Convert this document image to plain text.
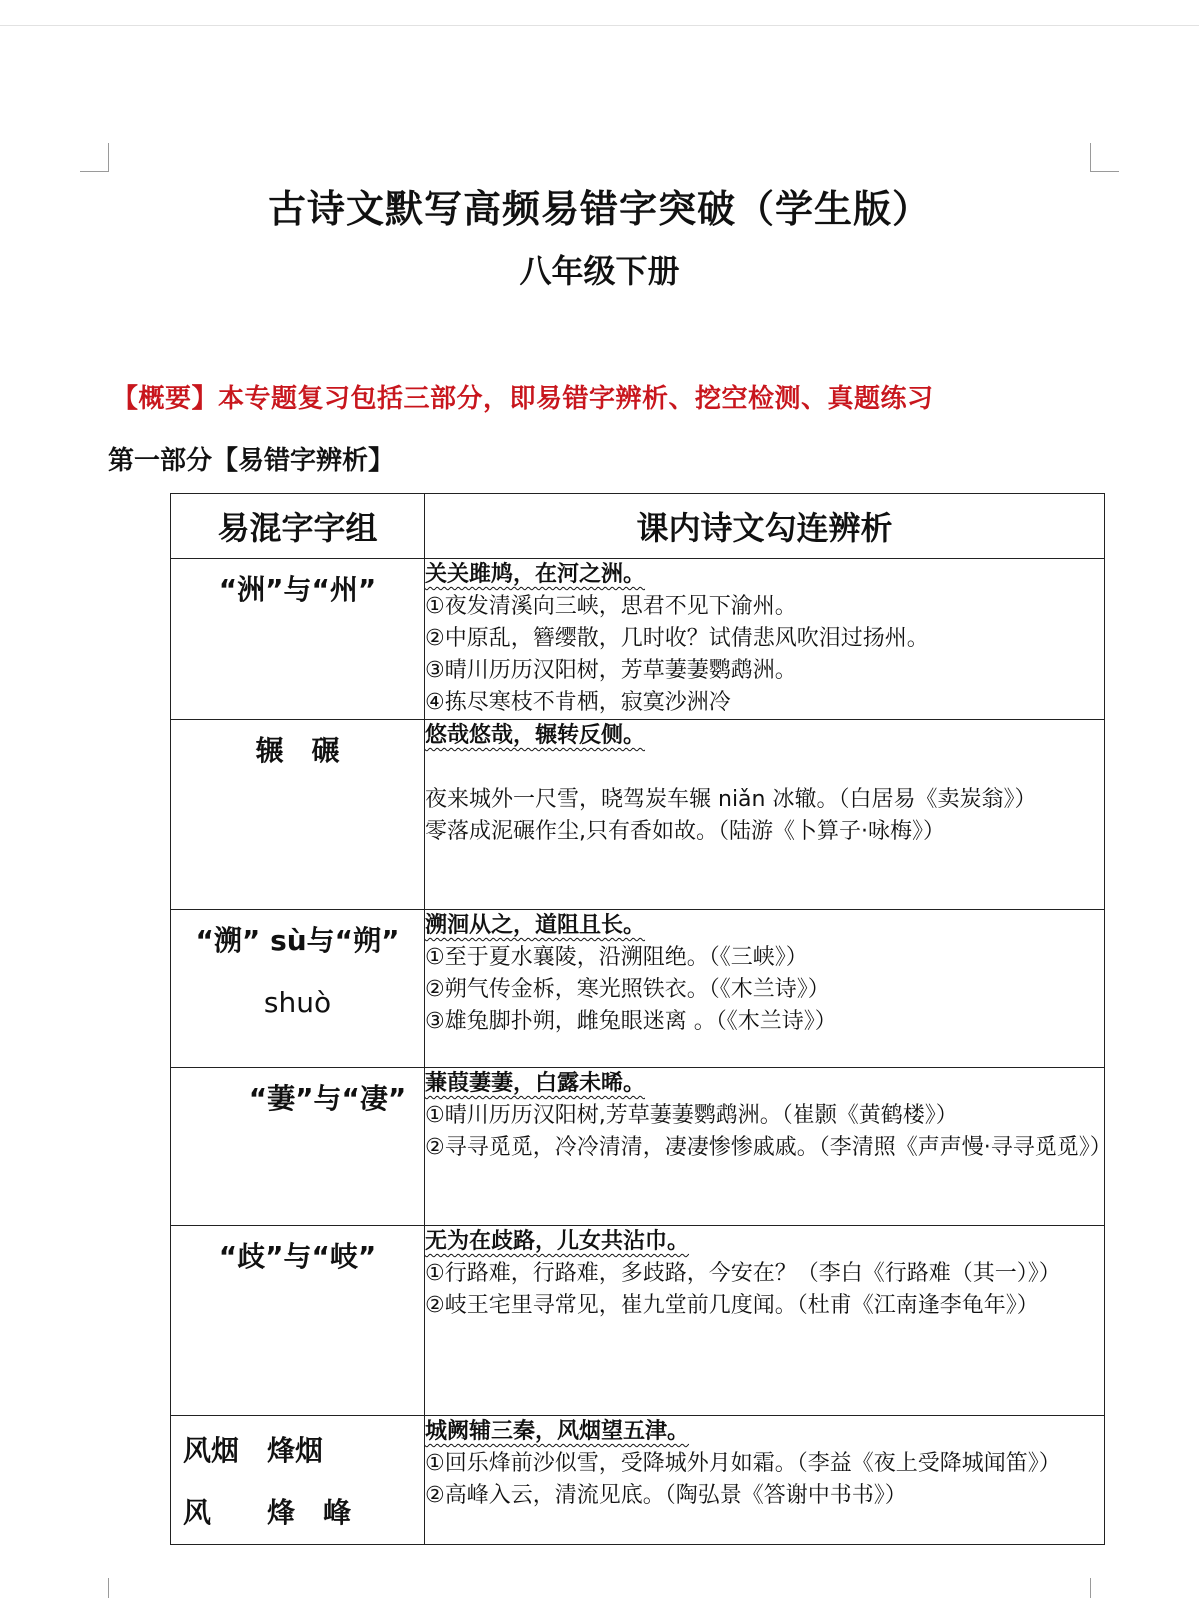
古诗文默写高频易错字突破（学生版）
八年级下册
【概要】本专题复习包括三部分，即易错字辨析、挖空检测、真题练习
第一部分【易错字辨析】
易混字字组	课内诗文勾连辨析
“洲”与“州”	关关雎鸠，在河之洲。
①夜发清溪向三峡，思君不见下渝州。
②中原乱，簪缨散，几时收？试倩悲风吹泪过扬州。
③晴川历历汉阳树，芳草萋萋鹦鹉洲。
④拣尽寒枝不肯栖，寂寞沙洲冷

辗　碾	悠哉悠哉，辗转反侧。
夜来城外一尺雪，晓驾炭车辗 niǎn 冰辙。（白居易《卖炭翁》）
零落成泥碾作尘,只有香如故。（陆游《卜算子·咏梅》）

“溯” sù与“朔”
shuò	溯洄从之，道阻且长。
①至于夏水襄陵，沿溯阻绝。（《三峡》）
②朔气传金柝，寒光照铁衣。（《木兰诗》）
③雄兔脚扑朔，雌兔眼迷离 。（《木兰诗》）

“萋”与“凄”	蒹葭萋萋，白露未晞。
①晴川历历汉阳树,芳草萋萋鹦鹉洲。（崔颢《黄鹤楼》）
②寻寻觅觅，冷冷清清，凄凄惨惨戚戚。（李清照《声声慢·寻寻觅觅》）

“歧”与“岐”	无为在歧路，儿女共沾巾。
①行路难，行路难，多歧路，今安在？（李白《行路难（其一）》）
②岐王宅里寻常见，崔九堂前几度闻。（杜甫《江南逢李龟年》）

风烟　烽烟
风　　烽　峰	城阙辅三秦，风烟望五津。
①回乐烽前沙似雪，受降城外月如霜。（李益《夜上受降城闻笛》）
②高峰入云，清流见底。（陶弘景《答谢中书书》）
